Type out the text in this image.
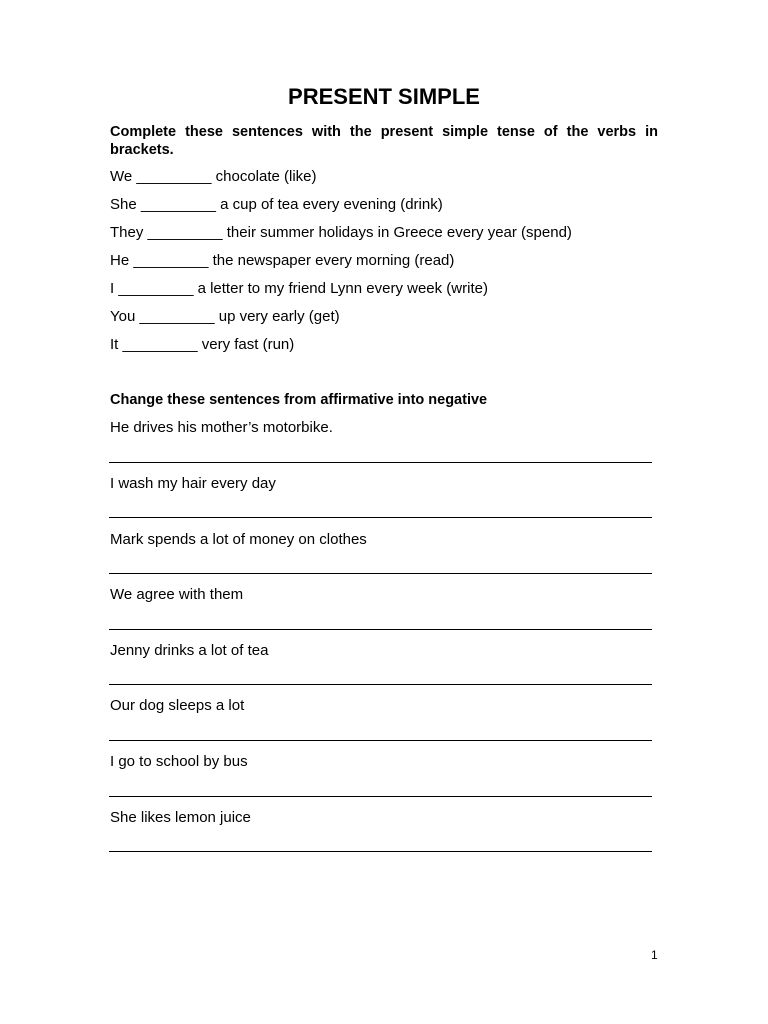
PRESENT SIMPLE
Complete these sentences with the present simple tense of the verbs in brackets.
We _________ chocolate (like)
She _________ a cup of tea every evening (drink)
They _________ their summer holidays in Greece every year (spend)
He _________ the newspaper every morning (read)
I _________ a letter to my friend Lynn every week (write)
You _________ up very early (get)
It _________ very fast (run)
Change these sentences from affirmative into negative
He drives his mother’s motorbike.
I wash my hair every day
Mark spends a lot of money on clothes
We agree with them
Jenny drinks a lot of tea
Our dog sleeps a lot
I go to school by bus
She likes lemon juice
1
